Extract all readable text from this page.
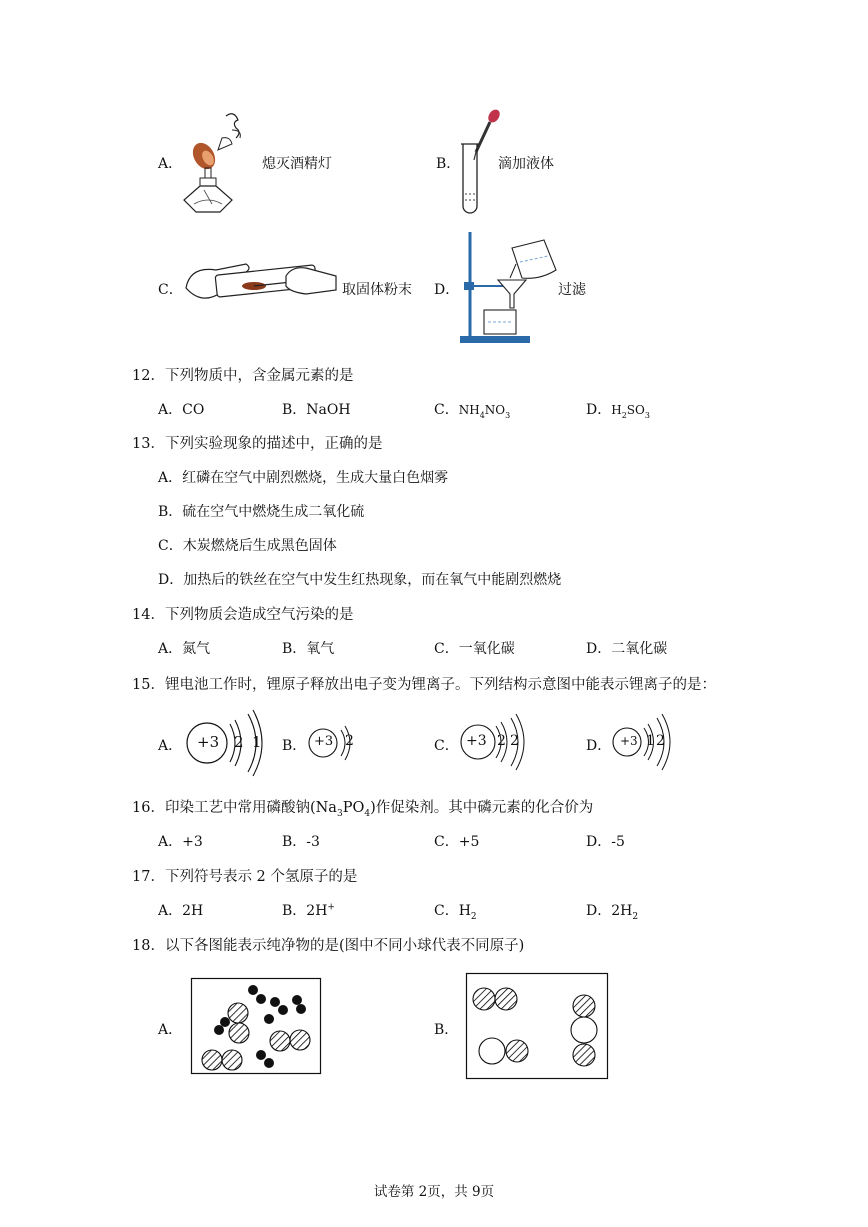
A．	熄灭酒精灯	B．	滴加液体
C．	取固体粉末 D．	过滤
12．下列物质中，含金属元素的是
A．CO	B．NaOH	C．$NH_4NO_3$	D．$H_2SO_3$
13．下列实验现象的描述中，正确的是
A．红磷在空气中剧烈燃烧，生成大量白色烟雾
B．硫在空气中燃烧生成二氧化硫
C．木炭燃烧后生成黑色固体
D．加热后的铁丝在空气中发生红热现象，而在氧气中能剧烈燃烧
14．下列物质会造成空气污染的是
A．氮气	B．氧气	C．一氧化碳	D．二氧化碳
15．锂电池工作时，锂原子释放出电子变为锂离子。下列结构示意图中能表示锂离子的是：
A． +3 2 1 B． +3 2	C． +3 2 2	D． +3 1 2
16．印染工艺中常用磷酸钠$(Na_3PO_4)$作促染剂。其中磷元素的化合价为
A．+3	B．-3	C．+5	D．-5
17．下列符号表示 2 个氢原子的是
A．2H	B．2H+	C．$H_2$	D．$2H_2$
18．以下各图能表示纯净物的是(图中不同小球代表不同原子)
A．	B．
试卷第 2页，共 9页
